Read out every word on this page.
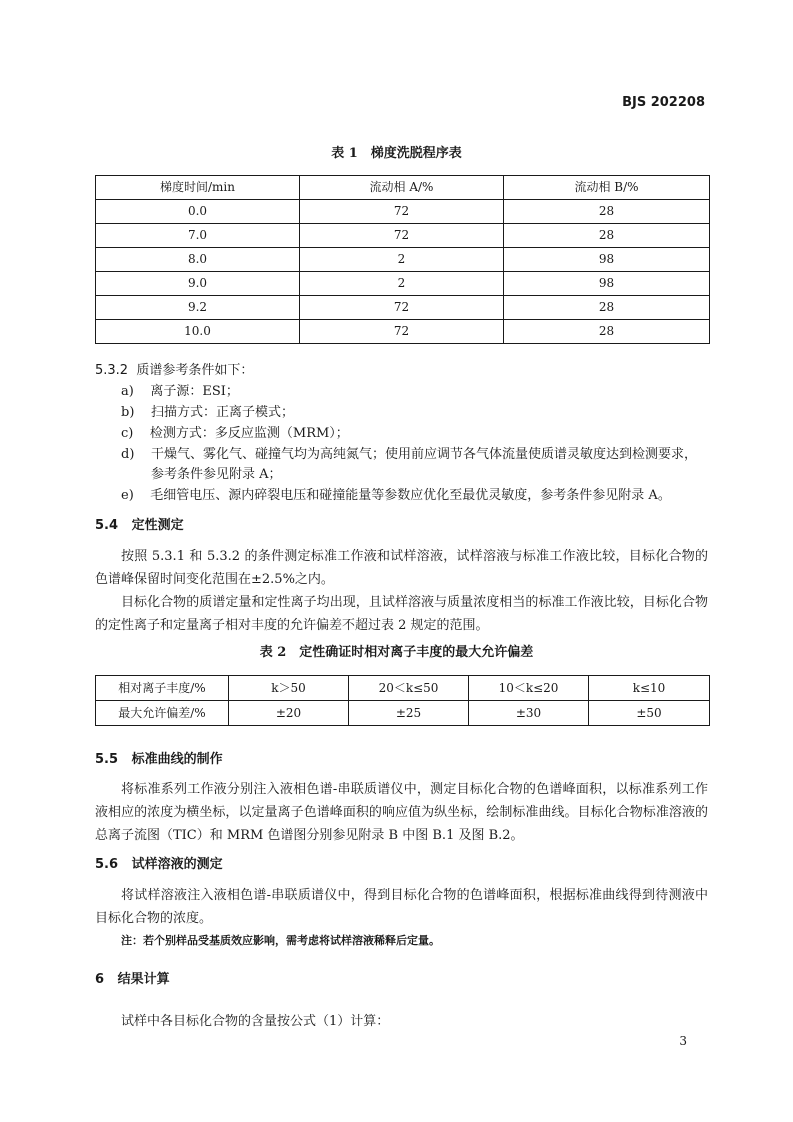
BJS 202208
表 1　梯度洗脱程序表
梯度时间/min	流动相 A/%	流动相 B/%
0.0	72	28
7.0	72	28
8.0	2	98
9.0	2	98
9.2	72	28
10.0	72	28
5.3.2 质谱参考条件如下：
a) 离子源：ESI；
b) 扫描方式：正离子模式；
c) 检测方式：多反应监测（MRM）；
d) 干燥气、雾化气、碰撞气均为高纯氮气；使用前应调节各气体流量使质谱灵敏度达到检测要求，
参考条件参见附录 A；
e) 毛细管电压、源内碎裂电压和碰撞能量等参数应优化至最优灵敏度，参考条件参见附录 A。
5.4 定性测定
按照 5.3.1 和 5.3.2 的条件测定标准工作液和试样溶液，试样溶液与标准工作液比较，目标化合物的色谱峰保留时间变化范围在±2.5%之内。
目标化合物的质谱定量和定性离子均出现，且试样溶液与质量浓度相当的标准工作液比较，目标化合物的定性离子和定量离子相对丰度的允许偏差不超过表 2 规定的范围。
表 2　定性确证时相对离子丰度的最大允许偏差
相对离子丰度/%	k＞50	20＜k≤50	10＜k≤20	k≤10
最大允许偏差/%	±20	±25	±30	±50
5.5 标准曲线的制作
将标准系列工作液分别注入液相色谱-串联质谱仪中，测定目标化合物的色谱峰面积，以标准系列工作液相应的浓度为横坐标，以定量离子色谱峰面积的响应值为纵坐标，绘制标准曲线。目标化合物标准溶液的总离子流图（TIC）和 MRM 色谱图分别参见附录 B 中图 B.1 及图 B.2。
5.6 试样溶液的测定
将试样溶液注入液相色谱-串联质谱仪中，得到目标化合物的色谱峰面积，根据标准曲线得到待测液中目标化合物的浓度。
注：若个别样品受基质效应影响，需考虑将试样溶液稀释后定量。
6 结果计算
试样中各目标化合物的含量按公式（1）计算：
3
